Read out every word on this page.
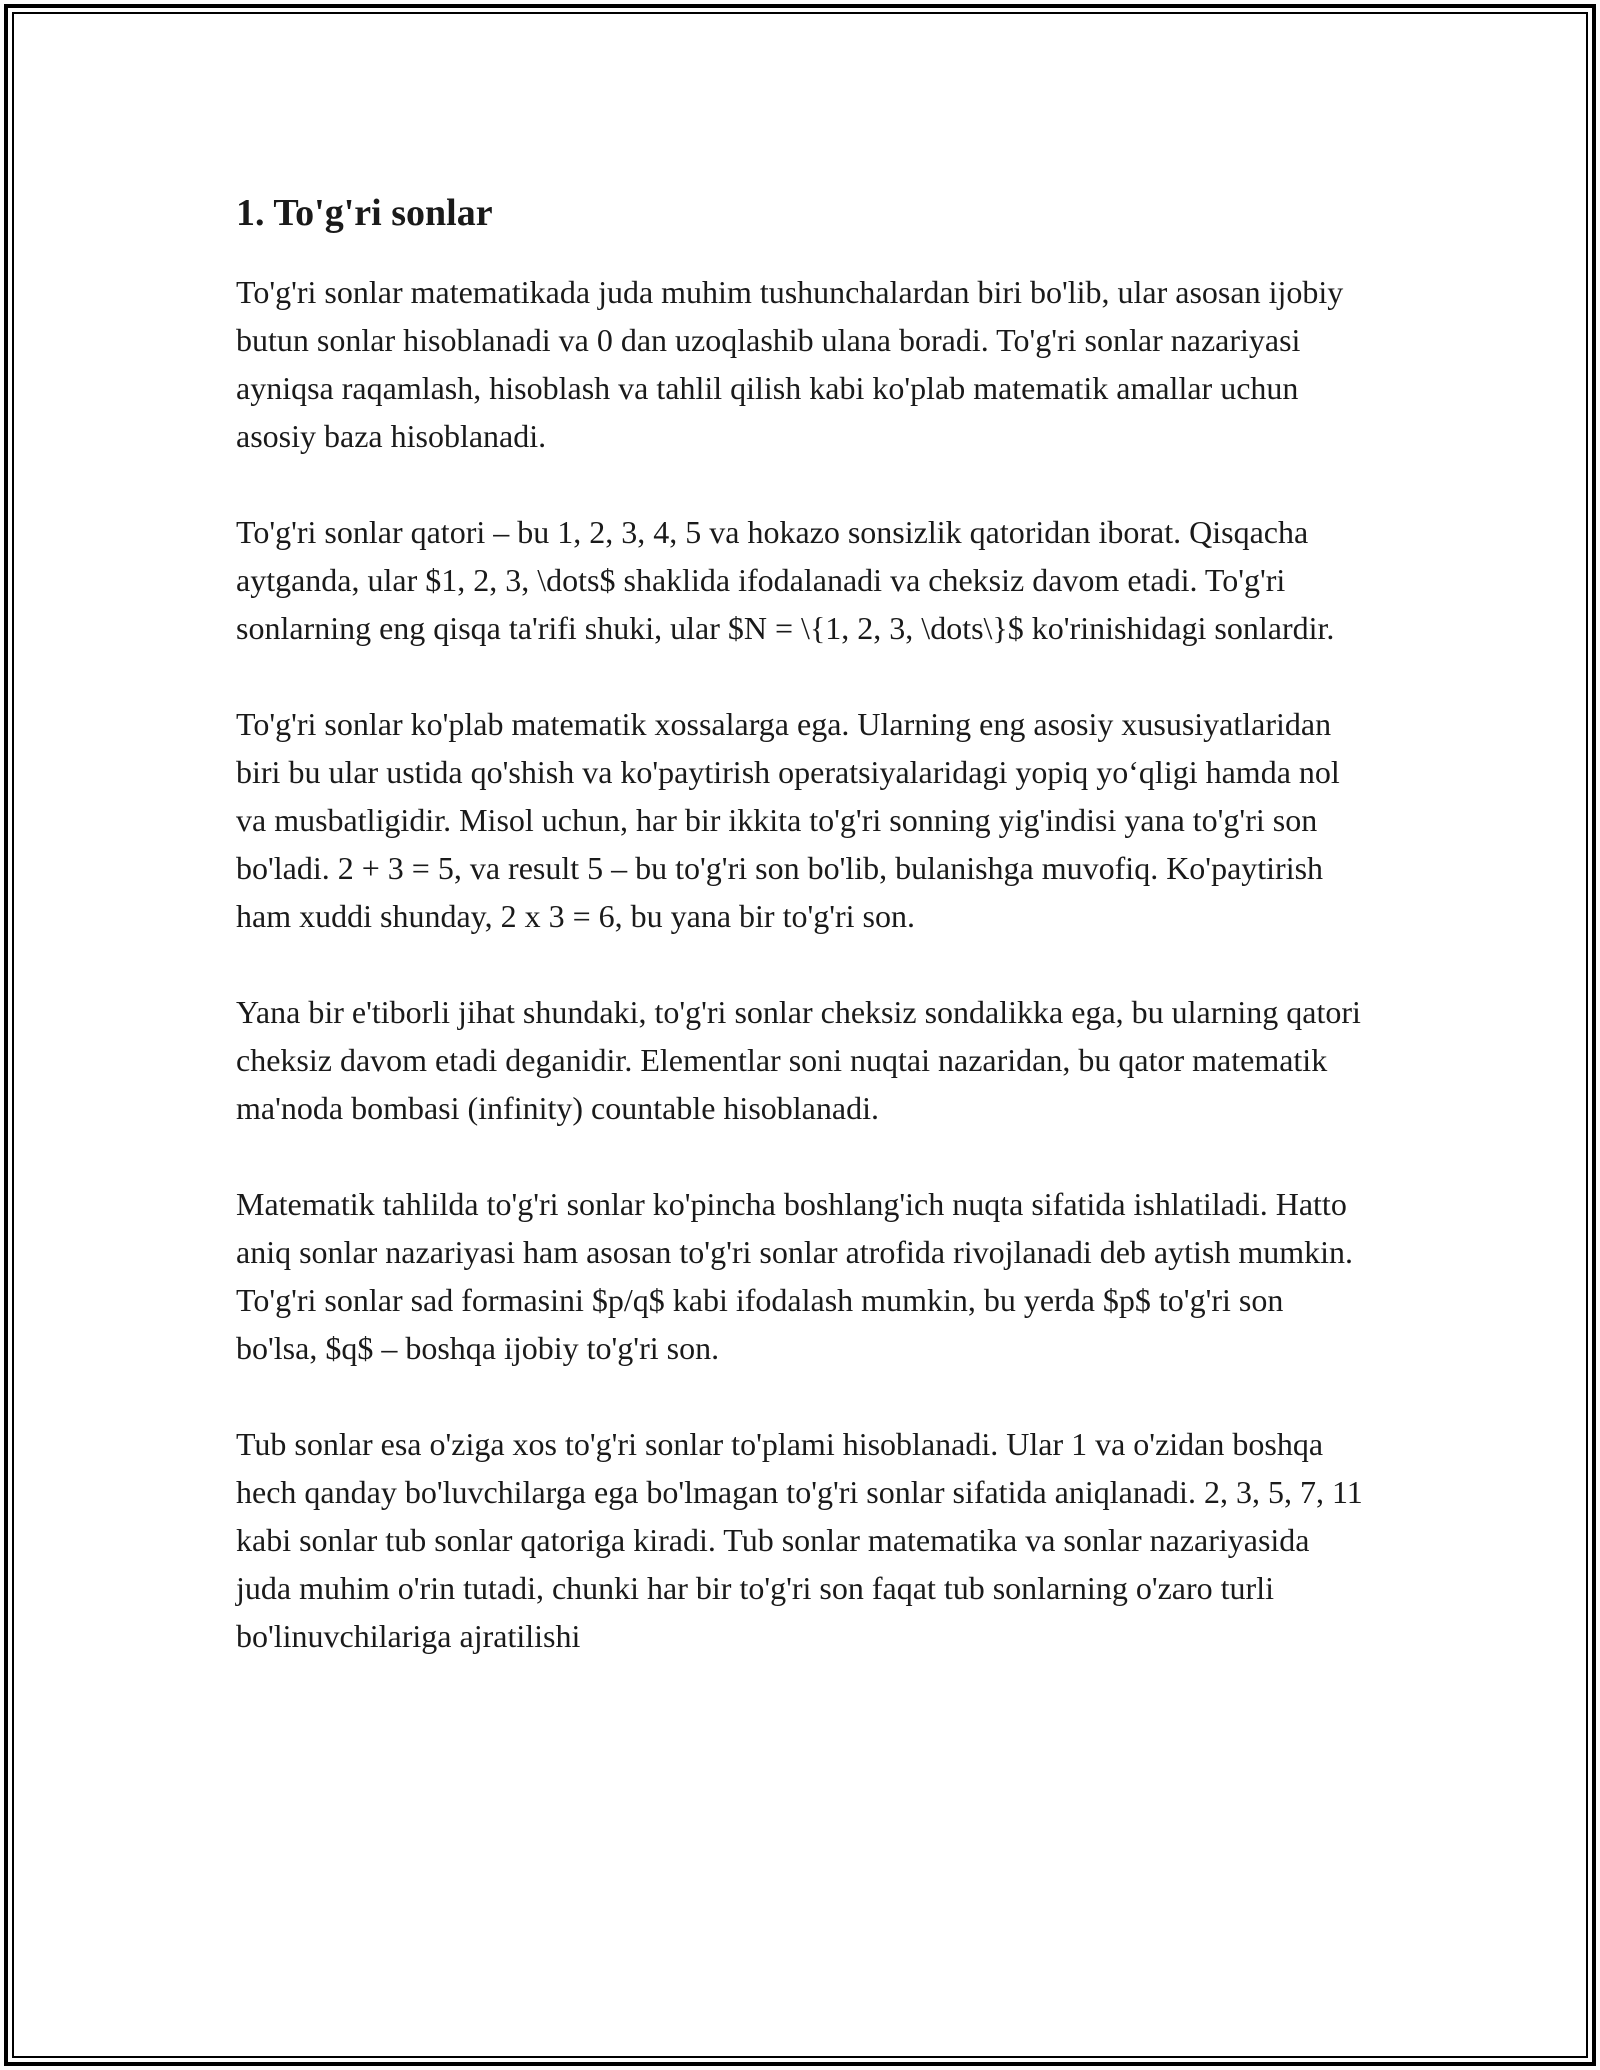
1. To'g'ri sonlar

To'g'ri sonlar matematikada juda muhim tushunchalardan biri bo'lib, ular asosan ijobiy butun sonlar hisoblanadi va 0 dan uzoqlashib ulana boradi. To'g'ri sonlar nazariyasi ayniqsa raqamlash, hisoblash va tahlil qilish kabi ko'plab matematik amallar uchun asosiy baza hisoblanadi.

To'g'ri sonlar qatori – bu 1, 2, 3, 4, 5 va hokazo sonsizlik qatoridan iborat. Qisqacha aytganda, ular $1, 2, 3, \dots$ shaklida ifodalanadi va cheksiz davom etadi. To'g'ri sonlarning eng qisqa ta'rifi shuki, ular $N = \{1, 2, 3, \dots\}$ ko'rinishidagi sonlardir.

To'g'ri sonlar ko'plab matematik xossalarga ega. Ularning eng asosiy xususiyatlaridan biri bu ular ustida qo'shish va ko'paytirish operatsiyalaridagi yopiq yo‘qligi hamda nol va musbatligidir. Misol uchun, har bir ikkita to'g'ri sonning yig'indisi yana to'g'ri son bo'ladi. 2 + 3 = 5, va result 5 – bu to'g'ri son bo'lib, bulanishga muvofiq. Ko'paytirish ham xuddi shunday, 2 x 3 = 6, bu yana bir to'g'ri son.

Yana bir e'tiborli jihat shundaki, to'g'ri sonlar cheksiz sondalikka ega, bu ularning qatori cheksiz davom etadi deganidir. Elementlar soni nuqtai nazaridan, bu qator matematik ma'noda bombasi (infinity) countable hisoblanadi.

Matematik tahlilda to'g'ri sonlar ko'pincha boshlang'ich nuqta sifatida ishlatiladi. Hatto aniq sonlar nazariyasi ham asosan to'g'ri sonlar atrofida rivojlanadi deb aytish mumkin. To'g'ri sonlar sad formasini $p/q$ kabi ifodalash mumkin, bu yerda $p$ to'g'ri son bo'lsa, $q$ – boshqa ijobiy to'g'ri son.

Tub sonlar esa o'ziga xos to'g'ri sonlar to'plami hisoblanadi. Ular 1 va o'zidan boshqa hech qanday bo'luvchilarga ega bo'lmagan to'g'ri sonlar sifatida aniqlanadi. 2, 3, 5, 7, 11 kabi sonlar tub sonlar qatoriga kiradi. Tub sonlar matematika va sonlar nazariyasida juda muhim o'rin tutadi, chunki har bir to'g'ri son faqat tub sonlarning o'zaro turli bo'linuvchilariga ajratilishi
